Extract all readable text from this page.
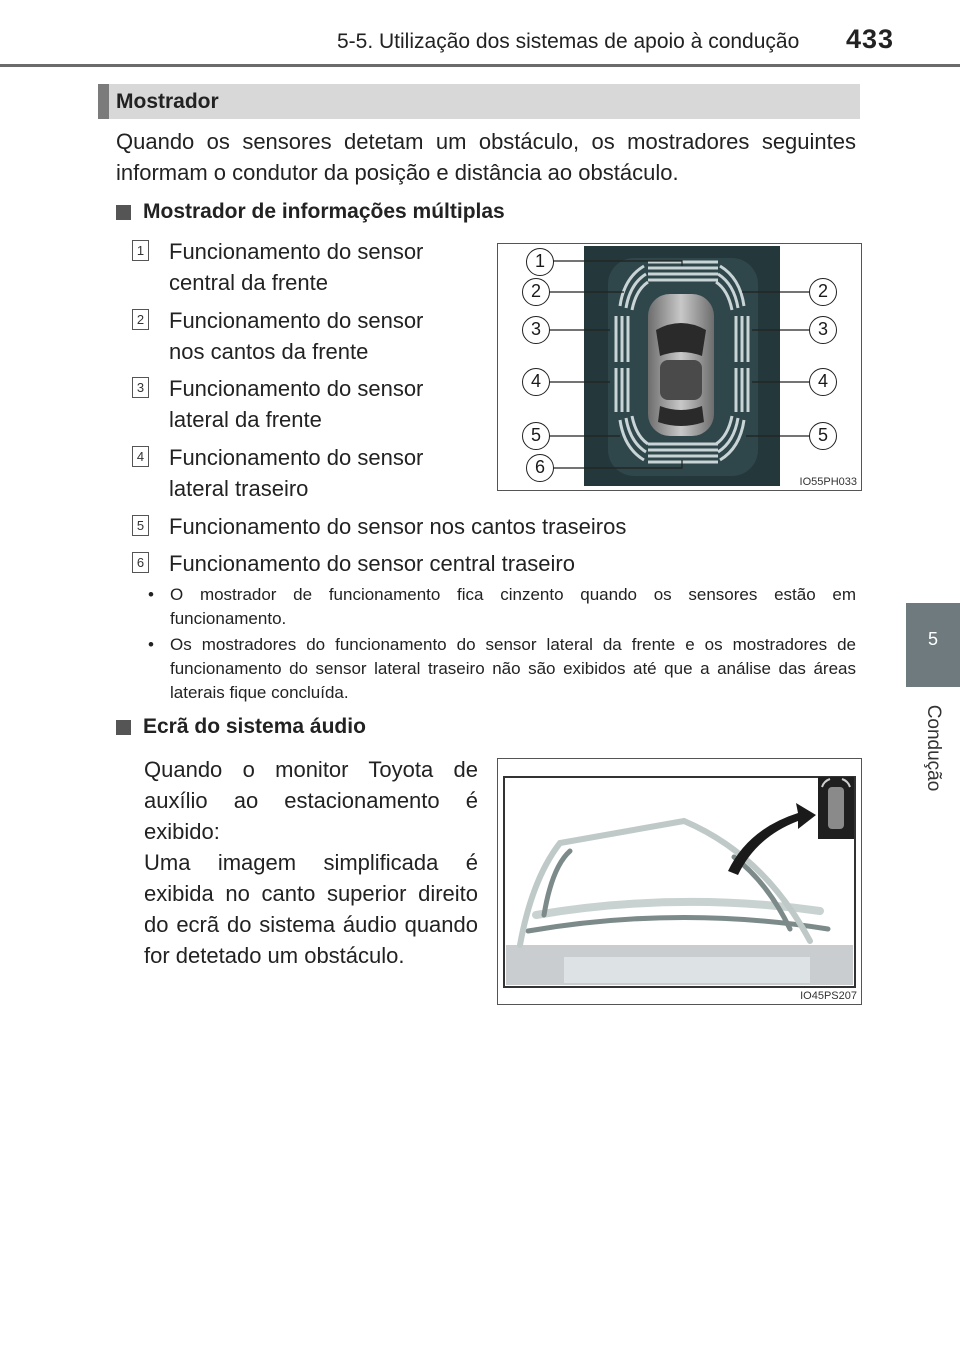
5-5. Utilização dos sistemas de apoio à condução 433
5
Condução
Mostrador
Quando os sensores detetam um obstáculo, os mostradores seguintes informam o condutor da posição e distância ao obstáculo.
Mostrador de informações múltiplas
1 Funcionamento do sensor
central da frente
2 Funcionamento do sensor
nos cantos da frente
3 Funcionamento do sensor
lateral da frente
4 Funcionamento do sensor
lateral traseiro
5 Funcionamento do sensor nos cantos traseiros
6 Funcionamento do sensor central traseiro
• O mostrador de funcionamento fica cinzento quando os sensores estão em funcionamento.
• Os mostradores do funcionamento do sensor lateral da frente e os mostradores de funcionamento do sensor lateral traseiro não são exibidos até que a análise das áreas laterais fique concluída.
1
2
3
4
5
6
2
3
4
5
IO55PH033
Ecrã do sistema áudio
Quando o monitor Toyota de auxílio ao estacionamento é exibido:
Uma imagem simplificada é exibida no canto superior direito do ecrã do sistema áudio quando for detetado um obstáculo.
IO45PS207
